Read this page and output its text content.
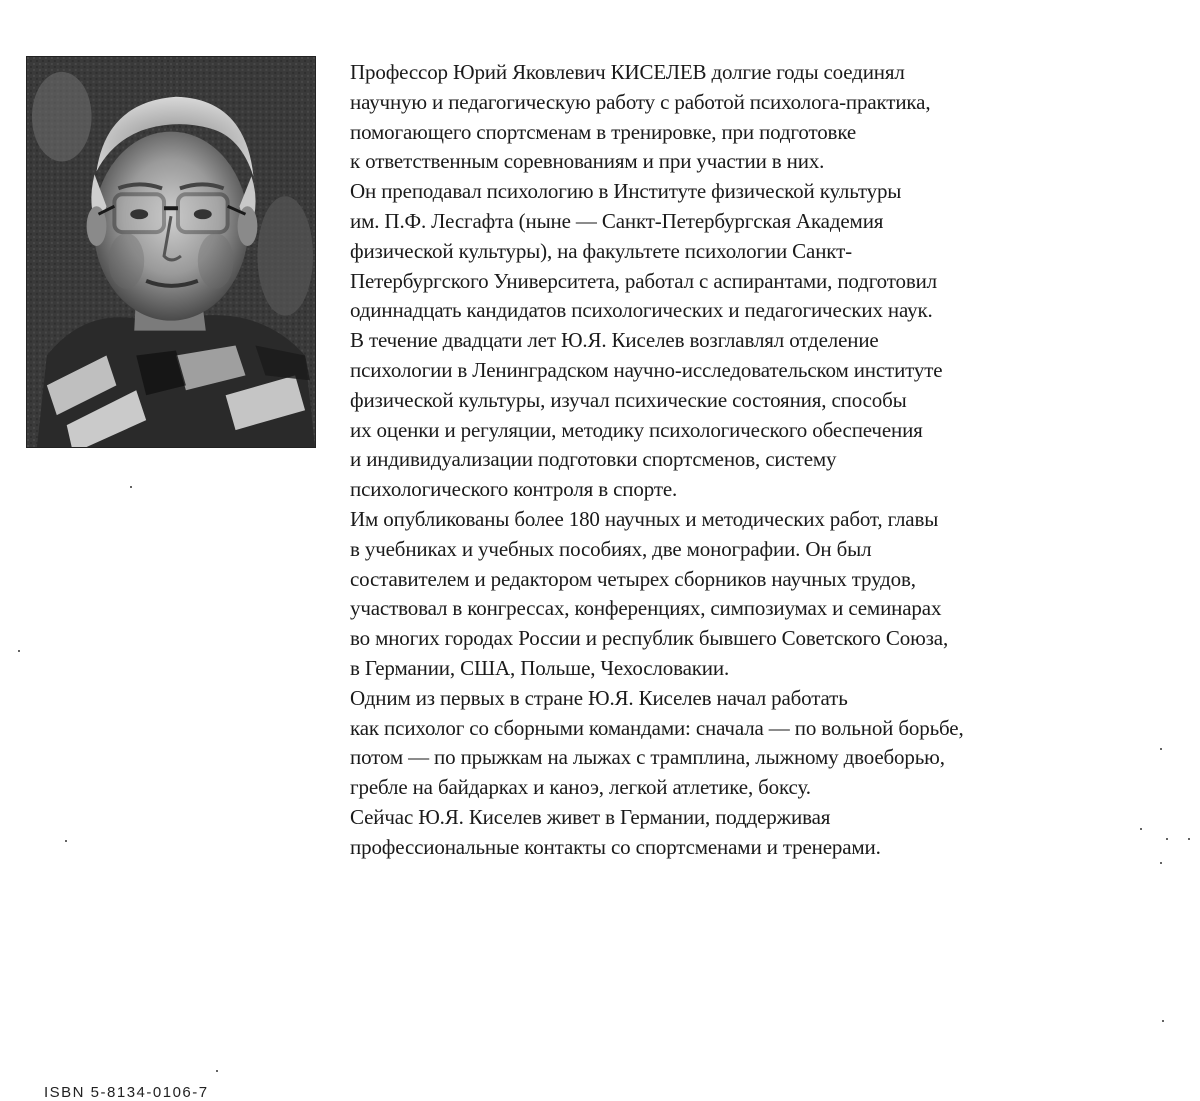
Профессор Юрий Яковлевич КИСЕЛЕВ долгие годы соединял
научную и педагогическую работу с работой психолога-практика,
помогающего спортсменам в тренировке, при подготовке
к ответственным соревнованиям и при участии в них.
Он преподавал психологию в Институте физической культуры
им. П.Ф. Лесгафта (ныне — Санкт-Петербургская Академия
физической культуры), на факультете психологии Санкт-
Петербургского Университета, работал с аспирантами, подготовил
одиннадцать кандидатов психологических и педагогических наук.
В течение двадцати лет Ю.Я. Киселев возглавлял отделение
психологии в Ленинградском научно-исследовательском институте
физической культуры, изучал психические состояния, способы
их оценки и регуляции, методику психологического обеспечения
и индивидуализации подготовки спортсменов, систему
психологического контроля в спорте.
Им опубликованы более 180 научных и методических работ, главы
в учебниках и учебных пособиях, две монографии. Он был
составителем и редактором четырех сборников научных трудов,
участвовал в конгрессах, конференциях, симпозиумах и семинарах
во многих городах России и республик бывшего Советского Союза,
в Германии, США, Польше, Чехословакии.
Одним из первых в стране Ю.Я. Киселев начал работать
как психолог со сборными командами: сначала — по вольной борьбе,
потом — по прыжкам на лыжах с трамплина, лыжному двоеборью,
гребле на байдарках и каноэ, легкой атлетике, боксу.
Сейчас Ю.Я. Киселев живет в Германии, поддерживая
профессиональные контакты со спортсменами и тренерами.
ISBN 5-8134-0106-7
